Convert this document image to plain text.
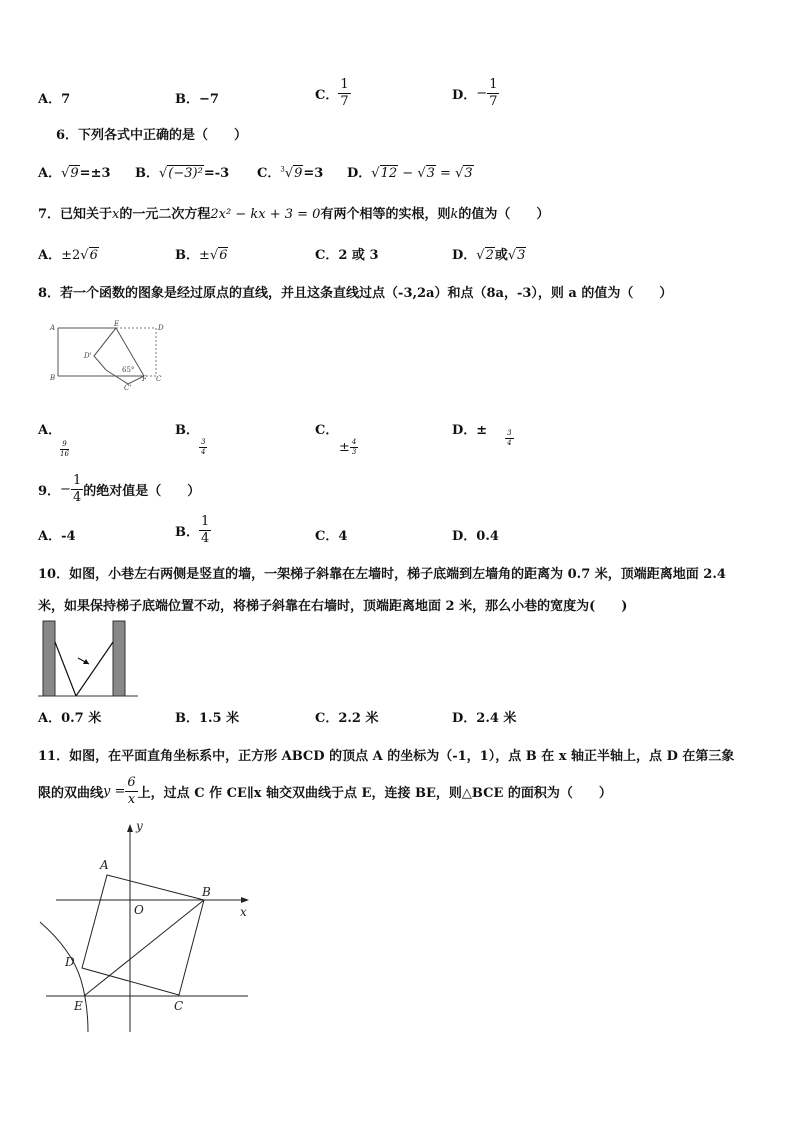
A．7	B．−7	C． $\frac{1}{7}$	D．− $\frac{1}{7}$
6．下列各式中正确的是（　　）
A．√9=±3 B．√(−3)²=-3 C．$^3$√9=3 D．√12 − √3 = √3
7．已知关于x的一元二次方程2x² − kx + 3 = 0有两个相等的实根，则k的值为（　　）
A．±2√6	B．±√6	C．2 或 3	D．√2或√3
8．若一个函数的图象是经过原点的直线，并且这条直线过点（-3,2a）和点（8a，-3），则 a 的值为（　　）
A	E	D
D'
B	F C
C'
65°
A．
$\frac{9}{16}$
B．
$\frac{3}{4}$
C．
± $\frac{4}{3}$
D．±	$\frac{3}{4}$
9．− $\frac{1}{4}$ 的绝对值是（　　）
A．-4	B． $\frac{1}{4}$	C．4	D．0.4
10．如图，小巷左右两侧是竖直的墙，一架梯子斜靠在左墙时，梯子底端到左墙角的距离为 0.7 米，顶端距离地面 2.4
米，如果保持梯子底端位置不动，将梯子斜靠在右墙时，顶端距离地面 2 米，那么小巷的宽度为(　　)
A．0.7 米	B．1.5 米	C．2.2 米	D．2.4 米
11．如图，在平面直角坐标系中，正方形 ABCD 的顶点 A 的坐标为（-1，1），点 B 在 x 轴正半轴上，点 D 在第三象
限的双曲线$y = \frac{6}{x}$ 上，过点 C 作 CE∥x 轴交双曲线于点 E，连接 BE，则△BCE 的面积为（　　）
y
x
O
A
B
C
D
E
